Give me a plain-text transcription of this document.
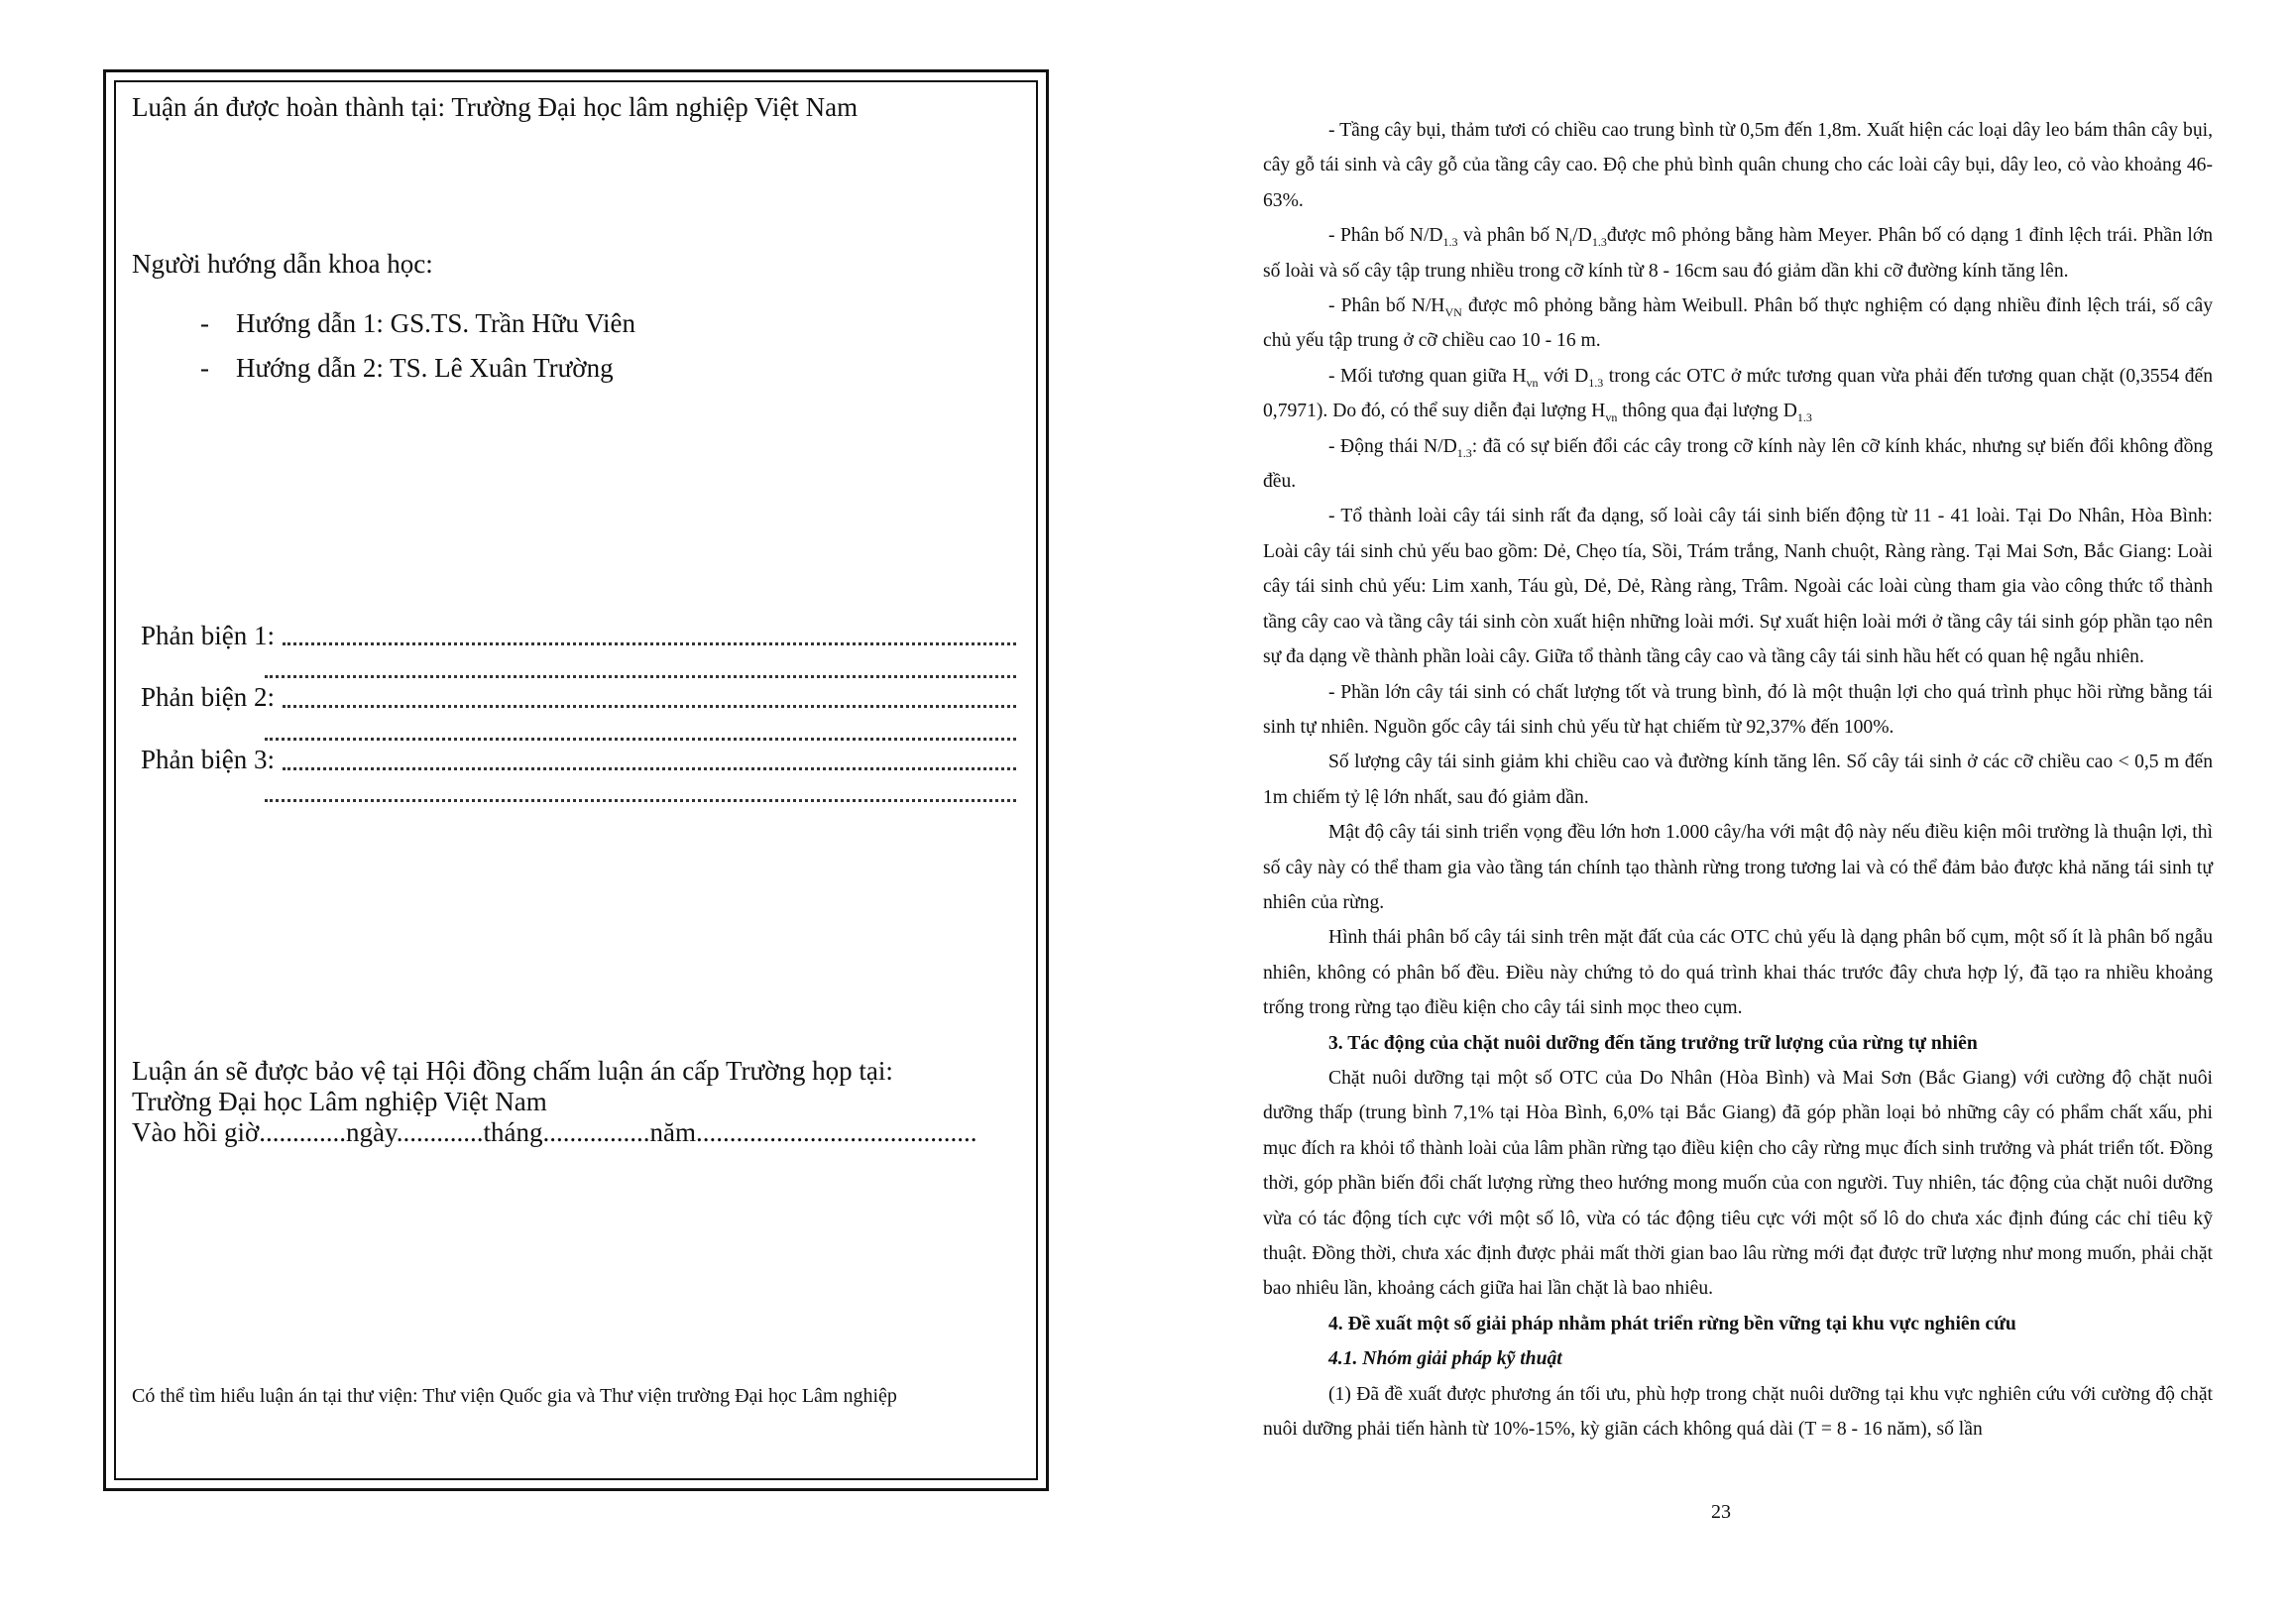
Luận án được hoàn thành tại: Trường Đại học lâm nghiệp Việt Nam
Người hướng dẫn khoa học:
- Hướng dẫn 1: GS.TS. Trần Hữu Viên
- Hướng dẫn 2: TS. Lê Xuân Trường
Phản biện 1:
Phản biện 2:
Phản biện 3:
Luận án sẽ được bảo vệ tại Hội đồng chấm luận án cấp Trường họp tại:
Trường Đại học Lâm nghiệp Việt Nam
Vào hồi giờ.............ngày.............tháng................năm..........................................
Có thể tìm hiểu luận án tại thư viện: Thư viện Quốc gia và Thư viện trường Đại học Lâm nghiệp

- Tầng cây bụi, thảm tươi có chiều cao trung bình từ 0,5m đến 1,8m. Xuất hiện các loại dây leo bám thân cây bụi, cây gỗ tái sinh và cây gỗ của tầng cây cao. Độ che phủ bình quân chung cho các loài cây bụi, dây leo, cỏ vào khoảng 46-63%.

- Phân bố $N/D_{1.3}$ và phân bố $N_i/D_{1.3}được$ mô phỏng bằng hàm Meyer. Phân bố có dạng 1 đỉnh lệch trái. Phần lớn số loài và số cây tập trung nhiều trong cỡ kính từ 8 - 16cm sau đó giảm dần khi cỡ đường kính tăng lên.

- Phân bố $N/H_{VN}$ được mô phỏng bằng hàm Weibull. Phân bố thực nghiệm có dạng nhiều đỉnh lệch trái, số cây chủ yếu tập trung ở cỡ chiều cao 10 - 16 m.

- Mối tương quan giữa $H_{vn}$ với $D_{1.3}$ trong các OTC ở mức tương quan vừa phải đến tương quan chặt (0,3554 đến 0,7971). Do đó, có thể suy diễn đại lượng $H_{vn}$ thông qua đại lượng $D_{1.3}$

- Động thái $N/D_{1.3}$: đã có sự biến đổi các cây trong cỡ kính này lên cỡ kính khác, nhưng sự biến đổi không đồng đều.

- Tổ thành loài cây tái sinh rất đa dạng, số loài cây tái sinh biến động từ 11 - 41 loài. Tại Do Nhân, Hòa Bình: Loài cây tái sinh chủ yếu bao gồm: Dẻ, Chẹo tía, Sồi, Trám trắng, Nanh chuột, Ràng ràng. Tại Mai Sơn, Bắc Giang: Loài cây tái sinh chủ yếu: Lim xanh, Táu gù, Dẻ, Dẻ, Ràng ràng, Trâm. Ngoài các loài cùng tham gia vào công thức tổ thành tầng cây cao và tầng cây tái sinh còn xuất hiện những loài mới. Sự xuất hiện loài mới ở tầng cây tái sinh góp phần tạo nên sự đa dạng về thành phần loài cây. Giữa tổ thành tầng cây cao và tầng cây tái sinh hầu hết có quan hệ ngẫu nhiên.

- Phần lớn cây tái sinh có chất lượng tốt và trung bình, đó là một thuận lợi cho quá trình phục hồi rừng bằng tái sinh tự nhiên. Nguồn gốc cây tái sinh chủ yếu từ hạt chiếm từ 92,37% đến 100%.

Số lượng cây tái sinh giảm khi chiều cao và đường kính tăng lên. Số cây tái sinh ở các cỡ chiều cao < 0,5 m đến 1m chiếm tỷ lệ lớn nhất, sau đó giảm dần.

Mật độ cây tái sinh triển vọng đều lớn hơn 1.000 cây/ha với mật độ này nếu điều kiện môi trường là thuận lợi, thì số cây này có thể tham gia vào tầng tán chính tạo thành rừng trong tương lai và có thể đảm bảo được khả năng tái sinh tự nhiên của rừng.

Hình thái phân bố cây tái sinh trên mặt đất của các OTC chủ yếu là dạng phân bố cụm, một số ít là phân bố ngẫu nhiên, không có phân bố đều. Điều này chứng tỏ do quá trình khai thác trước đây chưa hợp lý, đã tạo ra nhiều khoảng trống trong rừng tạo điều kiện cho cây tái sinh mọc theo cụm.

3. Tác động của chặt nuôi dưỡng đến tăng trưởng trữ lượng của rừng tự nhiên

Chặt nuôi dưỡng tại một số OTC của Do Nhân (Hòa Bình) và Mai Sơn (Bắc Giang) với cường độ chặt nuôi dưỡng thấp (trung bình 7,1% tại Hòa Bình, 6,0% tại Bắc Giang) đã góp phần loại bỏ những cây có phẩm chất xấu, phi mục đích ra khỏi tổ thành loài của lâm phần rừng tạo điều kiện cho cây rừng mục đích sinh trưởng và phát triển tốt. Đồng thời, góp phần biến đổi chất lượng rừng theo hướng mong muốn của con người. Tuy nhiên, tác động của chặt nuôi dưỡng vừa có tác động tích cực với một số lô, vừa có tác động tiêu cực với một số lô do chưa xác định đúng các chỉ tiêu kỹ thuật. Đồng thời, chưa xác định được phải mất thời gian bao lâu rừng mới đạt được trữ lượng như mong muốn, phải chặt bao nhiêu lần, khoảng cách giữa hai lần chặt là bao nhiêu.

4. Đề xuất một số giải pháp nhằm phát triển rừng bền vững tại khu vực nghiên cứu

4.1. Nhóm giải pháp kỹ thuật

(1) Đã đề xuất được phương án tối ưu, phù hợp trong chặt nuôi dưỡng tại khu vực nghiên cứu với cường độ chặt nuôi dưỡng phải tiến hành từ 10%-15%, kỳ giãn cách không quá dài (T = 8 - 16 năm), số lần

23
